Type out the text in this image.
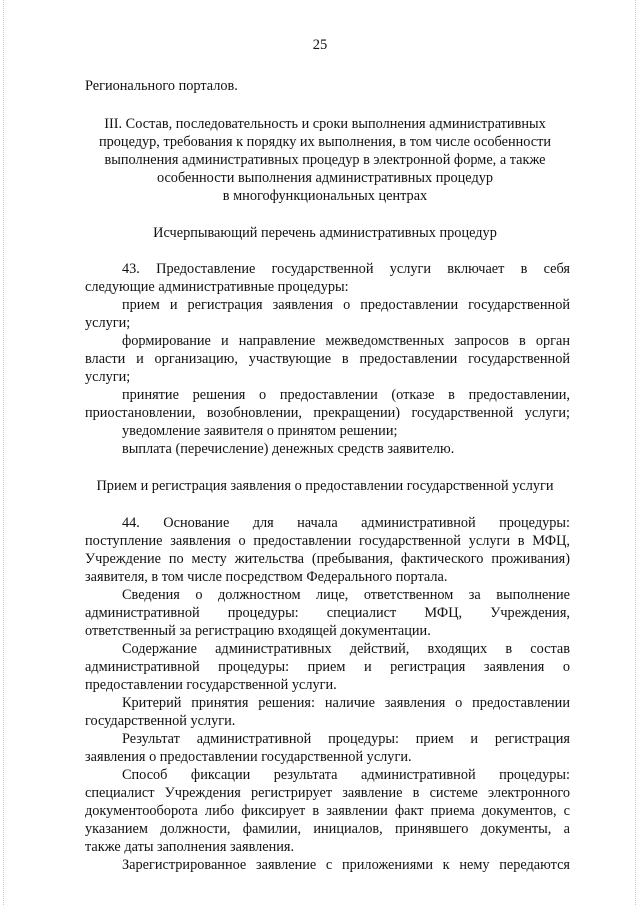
25
Регионального порталов.
III. Состав, последовательность и сроки выполнения административных
процедур, требования к порядку их выполнения, в том числе особенности
выполнения административных процедур в электронной форме, а также
особенности выполнения административных процедур
в многофункциональных центрах
Исчерпывающий перечень административных процедур
43. Предоставление государственной услуги включает в себя
следующие административные процедуры:
прием и регистрация заявления о предоставлении государственной
услуги;
формирование и направление межведомственных запросов в орган
власти и организацию, участвующие в предоставлении государственной
услуги;
принятие решения о предоставлении (отказе в предоставлении,
приостановлении, возобновлении, прекращении) государственной услуги;
уведомление заявителя о принятом решении;
выплата (перечисление) денежных средств заявителю.
Прием и регистрация заявления о предоставлении государственной услуги
44. Основание для начала административной процедуры:
поступление заявления о предоставлении государственной услуги в МФЦ,
Учреждение по месту жительства (пребывания, фактического проживания)
заявителя, в том числе посредством Федерального портала.
Сведения о должностном лице, ответственном за выполнение
административной процедуры: специалист МФЦ, Учреждения,
ответственный за регистрацию входящей документации.
Содержание административных действий, входящих в состав
административной процедуры: прием и регистрация заявления о
предоставлении государственной услуги.
Критерий принятия решения: наличие заявления о предоставлении
государственной услуги.
Результат административной процедуры: прием и регистрация
заявления о предоставлении государственной услуги.
Способ фиксации результата административной процедуры:
специалист Учреждения регистрирует заявление в системе электронного
документооборота либо фиксирует в заявлении факт приема документов, с
указанием должности, фамилии, инициалов, принявшего документы, а
также даты заполнения заявления.
Зарегистрированное заявление с приложениями к нему передаются
